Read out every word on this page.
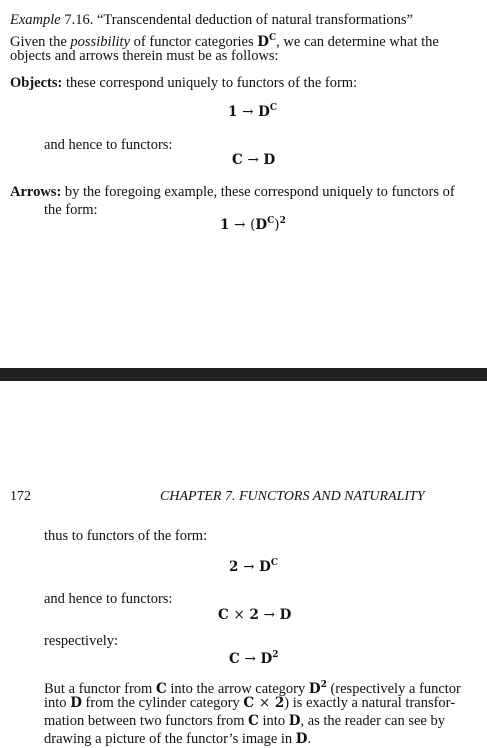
Example 7.16. “Transcendental deduction of natural transformations”

Given the possibility of functor categories $D^C$, we can determine what the

objects and arrows therein must be as follows:

Objects: these correspond uniquely to functors of the form:

$1 \to D^C$

and hence to functors:

C → D

Arrows: by the foregoing example, these correspond uniquely to functors of

the form:

$1 \to (D^C)^2$

172	CHAPTER 7. FUNCTORS AND NATURALITY

thus to functors of the form:

$2 \to D^C$

and hence to functors:

C × 2 → D

respectively:

$C \to D^2$

But a functor from C into the arrow category $D^2$ (respectively a functor

into D from the cylinder category C × 2) is exactly a natural transfor-

mation between two functors from C into D, as the reader can see by

drawing a picture of the functor’s image in D.
